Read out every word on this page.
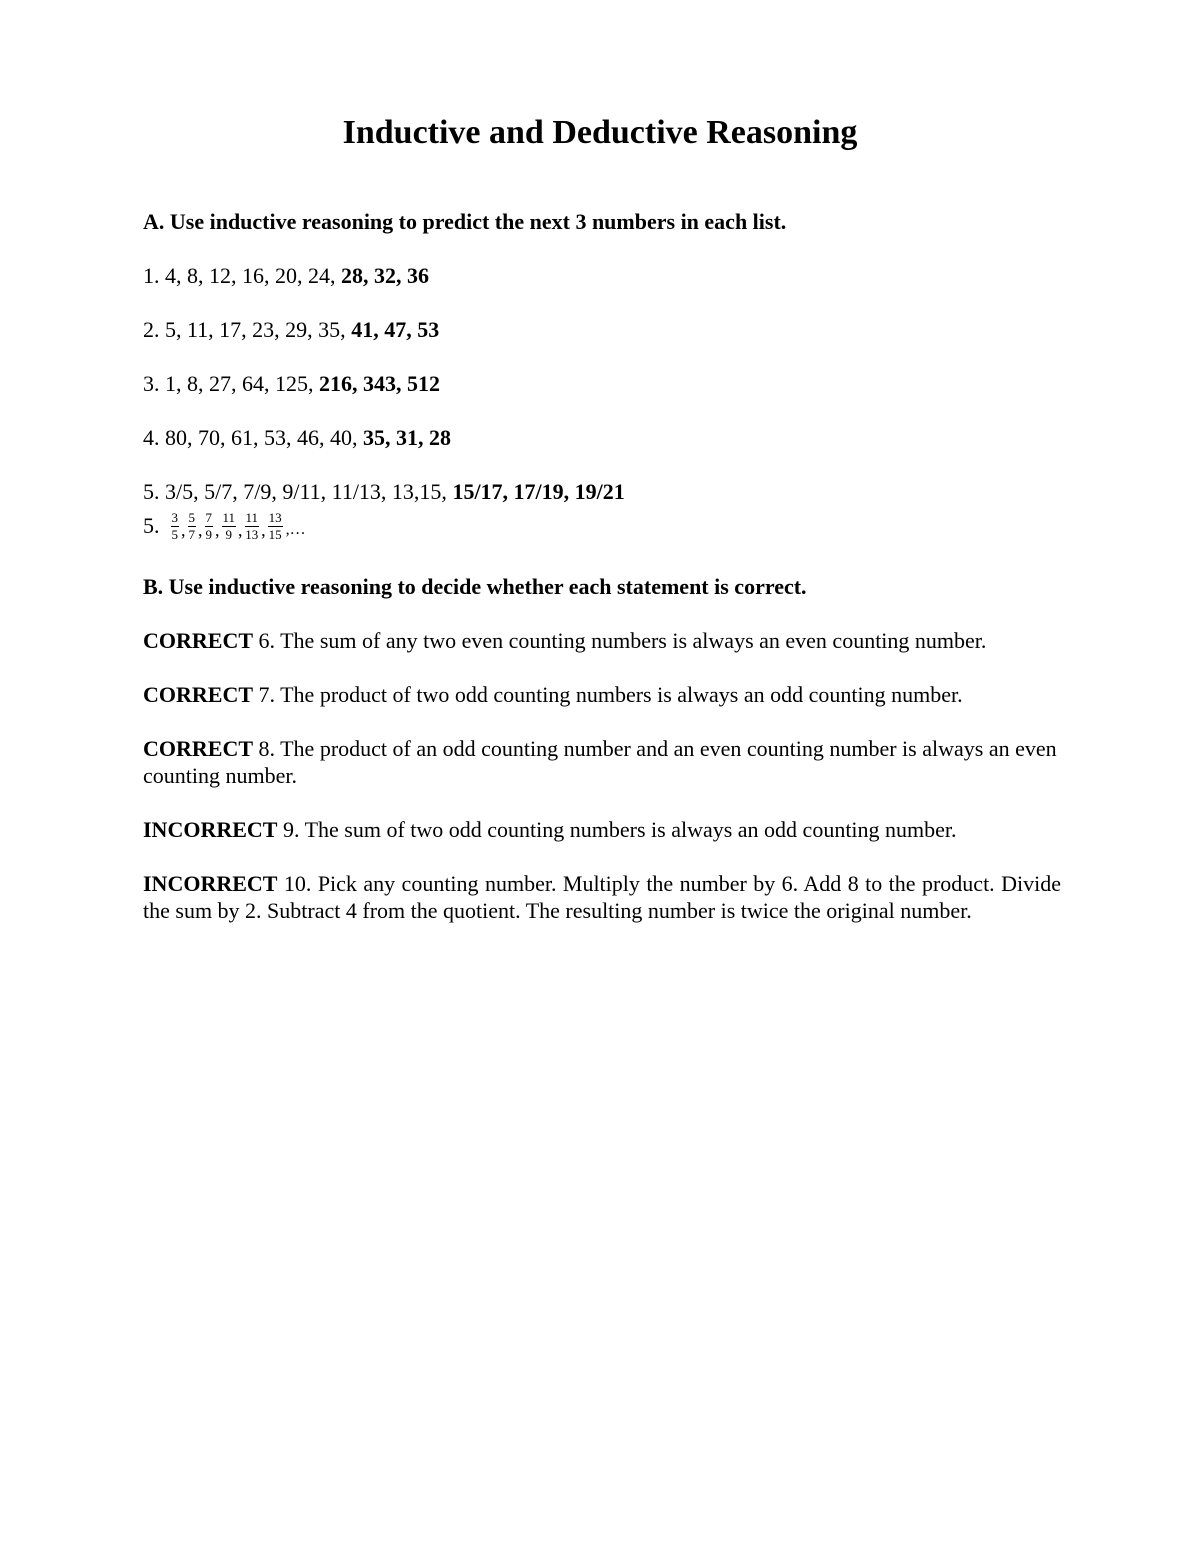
Inductive and Deductive Reasoning
A. Use inductive reasoning to predict the next 3 numbers in each list.
1. 4, 8, 12, 16, 20, 24, 28, 32, 36
2. 5, 11, 17, 23, 29, 35, 41, 47, 53
3. 1, 8, 27, 64, 125, 216, 343, 512
4. 80, 70, 61, 53, 46, 40, 35, 31, 28
5. 3/5, 5/7, 7/9, 9/11, 11/13, 13,15, 15/17, 17/19, 19/21
5. $\frac{3}{5}$ , $\frac{5}{7}$ , $\frac{7}{9}$ , $\frac{11}{9}$ , $\frac{11}{13}$ , $\frac{13}{15}$ ,…
B. Use inductive reasoning to decide whether each statement is correct.
CORRECT 6. The sum of any two even counting numbers is always an even counting number.
CORRECT 7. The product of two odd counting numbers is always an odd counting number.
CORRECT 8. The product of an odd counting number and an even counting number is always an even counting number.
INCORRECT 9. The sum of two odd counting numbers is always an odd counting number.
INCORRECT 10. Pick any counting number. Multiply the number by 6. Add 8 to the product. Divide the sum by 2. Subtract 4 from the quotient. The resulting number is twice the original number.
